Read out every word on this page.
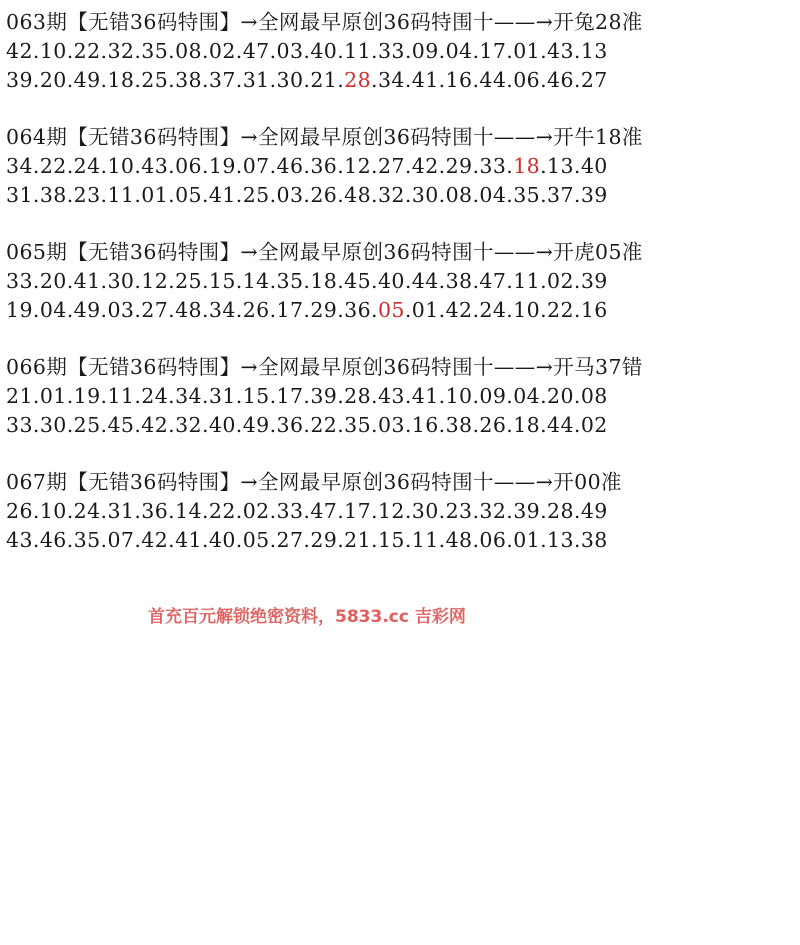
063期【无错36码特围】→全网最早原创36码特围十——→开兔28准
42.10.22.32.35.08.02.47.03.40.11.33.09.04.17.01.43.13
39.20.49.18.25.38.37.31.30.21.28.34.41.16.44.06.46.27
064期【无错36码特围】→全网最早原创36码特围十——→开牛18准
34.22.24.10.43.06.19.07.46.36.12.27.42.29.33.18.13.40
31.38.23.11.01.05.41.25.03.26.48.32.30.08.04.35.37.39
065期【无错36码特围】→全网最早原创36码特围十——→开虎05准
33.20.41.30.12.25.15.14.35.18.45.40.44.38.47.11.02.39
19.04.49.03.27.48.34.26.17.29.36.05.01.42.24.10.22.16
066期【无错36码特围】→全网最早原创36码特围十——→开马37错
21.01.19.11.24.34.31.15.17.39.28.43.41.10.09.04.20.08
33.30.25.45.42.32.40.49.36.22.35.03.16.38.26.18.44.02
067期【无错36码特围】→全网最早原创36码特围十——→开00准
26.10.24.31.36.14.22.02.33.47.17.12.30.23.32.39.28.49
43.46.35.07.42.41.40.05.27.29.21.15.11.48.06.01.13.38
首充百元解锁绝密资料，5833.cc 吉彩网
